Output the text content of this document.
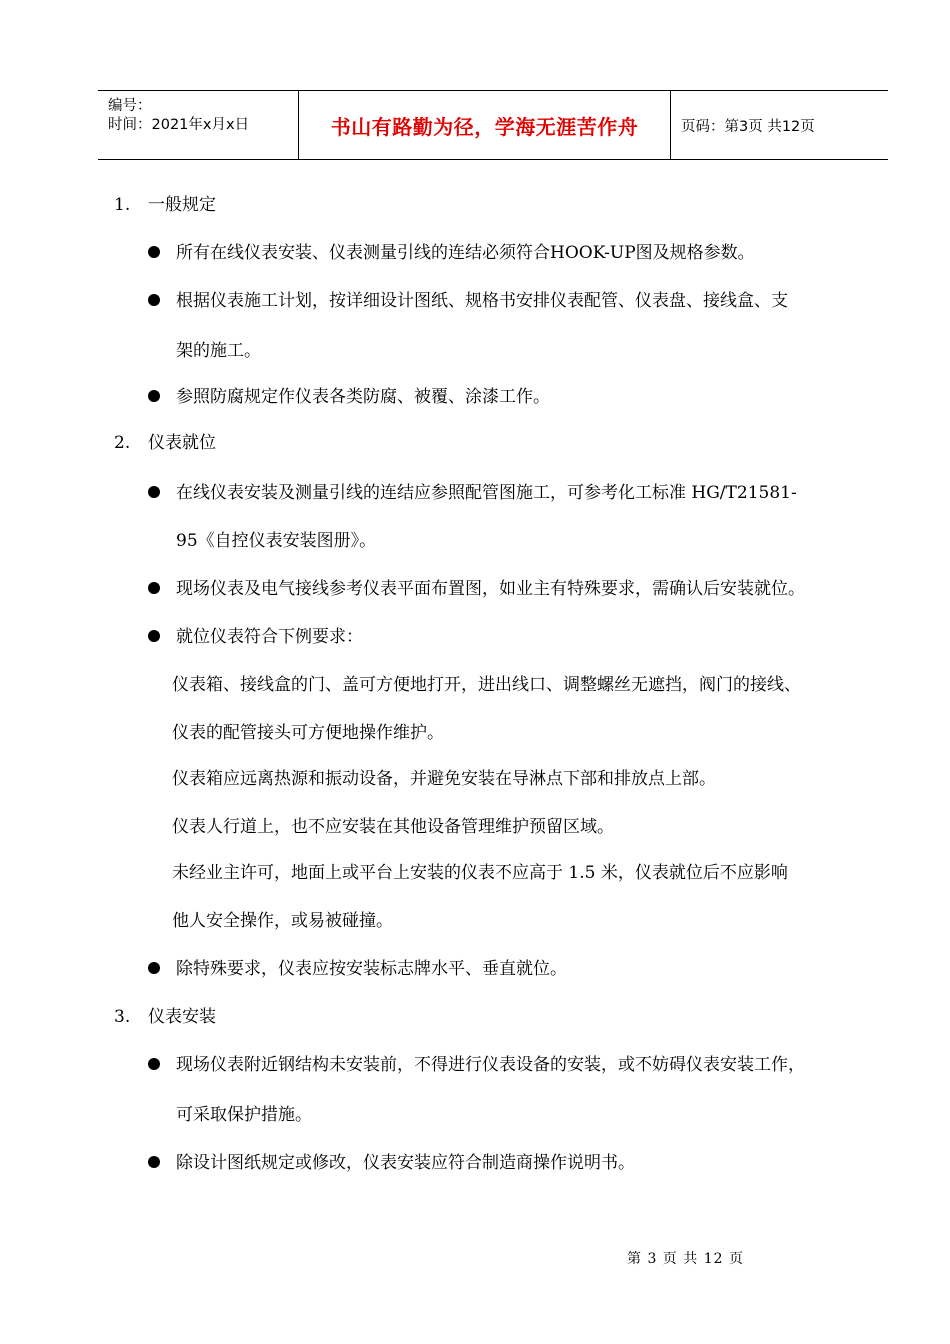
编号：
时间：2021年x月x日	书山有路勤为径，学海无涯苦作舟	页码：第3页 共12页
1. 一般规定
所有在线仪表安装、仪表测量引线的连结必须符合HOOK-UP图及规格参数。
根据仪表施工计划，按详细设计图纸、规格书安排仪表配管、仪表盘、接线盒、支
架的施工。
参照防腐规定作仪表各类防腐、被覆、涂漆工作。
2. 仪表就位
在线仪表安装及测量引线的连结应参照配管图施工，可参考化工标准 HG/T21581-
95《自控仪表安装图册》。
现场仪表及电气接线参考仪表平面布置图，如业主有特殊要求，需确认后安装就位。
就位仪表符合下例要求：
仪表箱、接线盒的门、盖可方便地打开，进出线口、调整螺丝无遮挡，阀门的接线、
仪表的配管接头可方便地操作维护。
仪表箱应远离热源和振动设备，并避免安装在导淋点下部和排放点上部。
仪表人行道上，也不应安装在其他设备管理维护预留区域。
未经业主许可，地面上或平台上安装的仪表不应高于 1.5 米，仪表就位后不应影响
他人安全操作，或易被碰撞。
除特殊要求，仪表应按安装标志牌水平、垂直就位。
3. 仪表安装
现场仪表附近钢结构未安装前，不得进行仪表设备的安装，或不妨碍仪表安装工作，
可采取保护措施。
除设计图纸规定或修改，仪表安装应符合制造商操作说明书。
第 3 页 共 12 页
